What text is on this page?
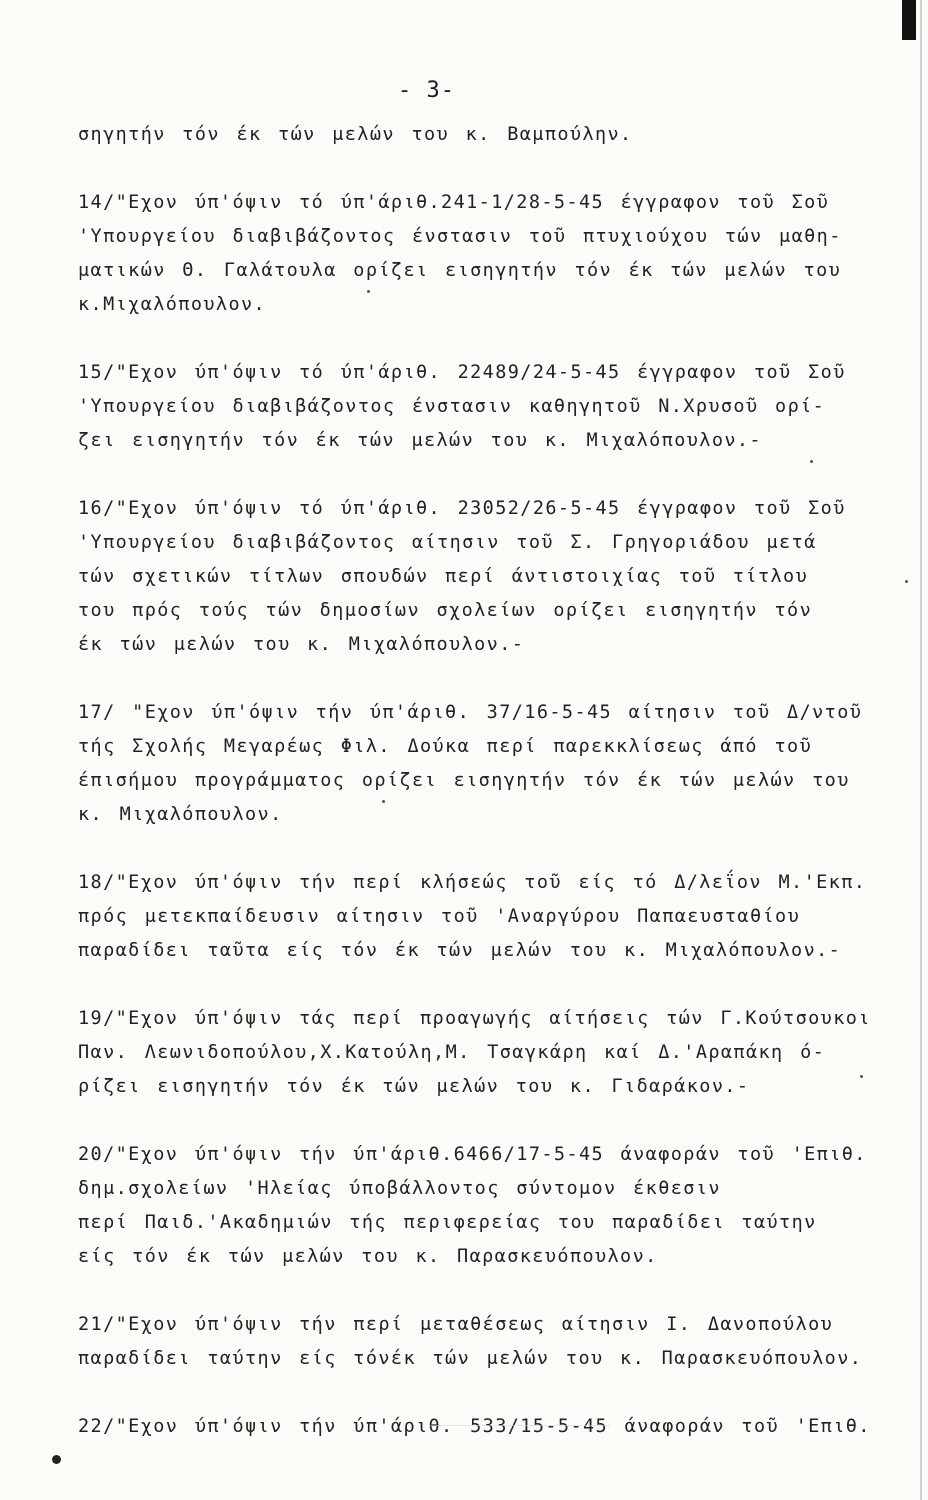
- 3-
σηγητήν τόν έκ τών μελών του κ. Βαμπούλην.
14/"Εχον ύπ'όψιν τό ύπ'άριθ.241-1/28-5-45 έγγραφον τοῦ Σοῦ
'Υπουργείου διαβιβάζοντος ένστασιν τοῦ πτυχιούχου τών μαθη-
ματικών Θ. Γαλάτουλα ορίζει εισηγητήν τόν έκ τών μελών του
κ.Μιχαλόπουλον.
15/"Εχον ύπ'όψιν τό ύπ'άριθ. 22489/24-5-45 έγγραφον τοῦ Σοῦ
'Υπουργείου διαβιβάζοντος ένστασιν καθηγητοῦ Ν.Χρυσοῦ ορί-
ζει εισηγητήν τόν έκ τών μελών του κ. Μιχαλόπουλον.-
16/"Εχον ύπ'όψιν τό ύπ'άριθ. 23052/26-5-45 έγγραφον τοῦ Σοῦ
'Υπουργείου διαβιβάζοντος αίτησιν τοῦ Σ. Γρηγοριάδου μετά
τών σχετικών τίτλων σπουδών περί άντιστοιχίας τοῦ τίτλου
του πρός τούς τών δημοσίων σχολείων ορίζει εισηγητήν τόν
έκ τών μελών του κ. Μιχαλόπουλον.-
17/ "Εχον ύπ'όψιν τήν ύπ'άριθ. 37/16-5-45 αίτησιν τοῦ Δ/ντοῦ
τής Σχολής Μεγαρέως Φιλ. Δούκα περί παρεκκλίσεως άπό τοῦ
έπισήμου προγράμματος ορίζει εισηγητήν τόν έκ τών μελών του
κ. Μιχαλόπουλον.
18/"Εχον ύπ'όψιν τήν περί κλήσεώς τοῦ είς τό Δ/λεΐον Μ.'Εκπ.
πρός μετεκπαίδευσιν αίτησιν τοῦ 'Αναργύρου Παπαευσταθίου
παραδίδει ταῦτα είς τόν έκ τών μελών του κ. Μιχαλόπουλον.-
19/"Εχον ύπ'όψιν τάς περί προαγωγής αίτήσεις τών Γ.Κούτσουκοι
Παν. Λεωνιδοπούλου,Χ.Κατούλη,Μ. Τσαγκάρη καί Δ.'Αραπάκη ό-
ρίζει εισηγητήν τόν έκ τών μελών του κ. Γιδαράκον.-
20/"Εχον ύπ'όψιν τήν ύπ'άριθ.6466/17-5-45 άναφοράν τοῦ 'Επιθ.
δημ.σχολείων 'Ηλείας ύποβάλλοντος σύντομον έκθεσιν
περί Παιδ.'Ακαδημιών τής περιφερείας του παραδίδει ταύτην
είς τόν έκ τών μελών του κ. Παρασκευόπουλον.
21/"Εχον ύπ'όψιν τήν περί μεταθέσεως αίτησιν Ι. Δανοπούλου
παραδίδει ταύτην είς τόνέκ τών μελών του κ. Παρασκευόπουλον.
22/"Εχον ύπ'όψιν τήν ύπ'άριθ. 533/15-5-45 άναφοράν τοῦ 'Επιθ.
